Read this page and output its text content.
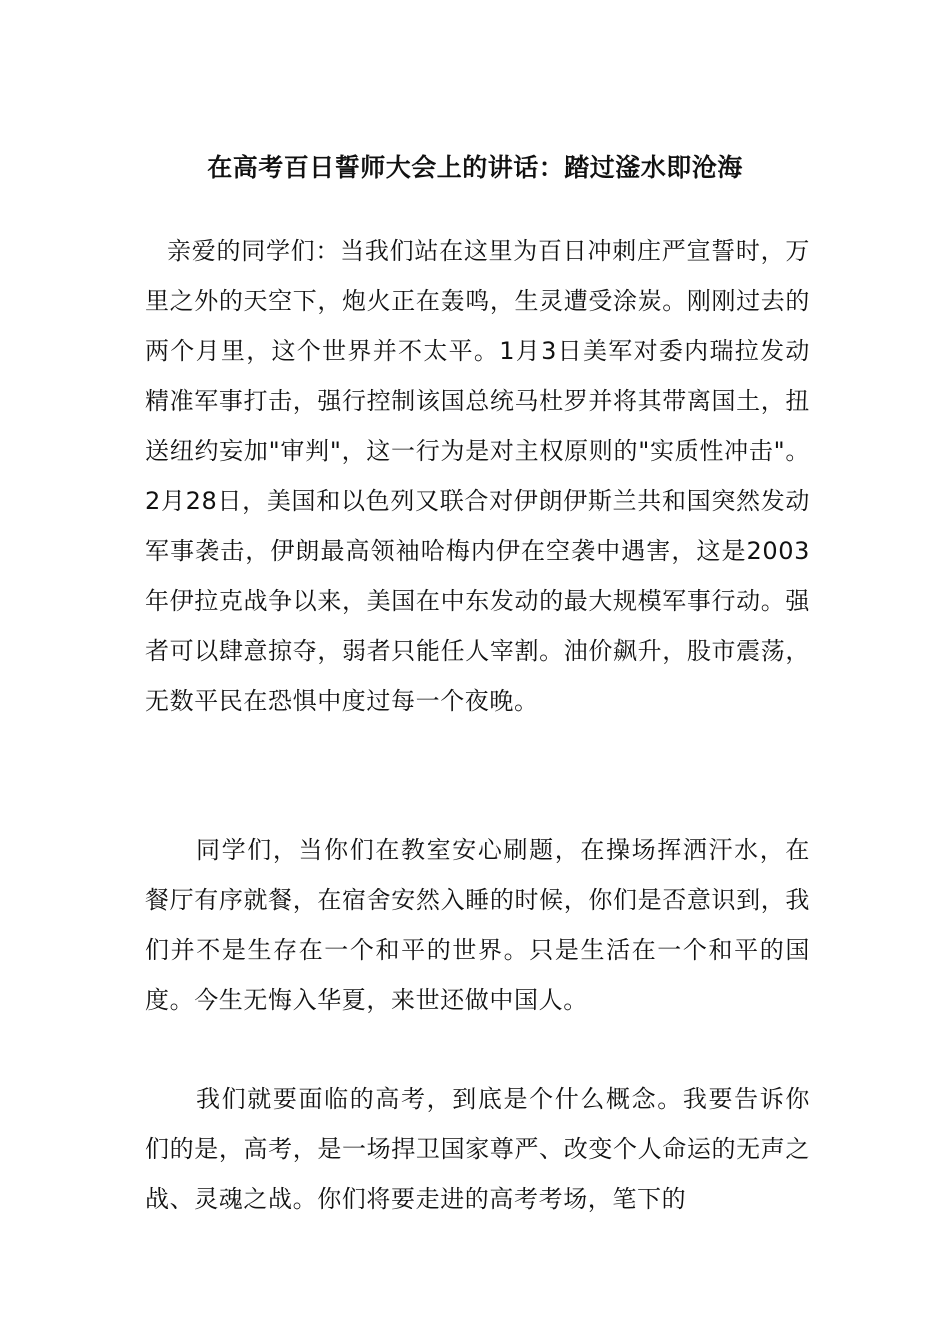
在高考百日誓师大会上的讲话：踏过滏水即沧海

亲爱的同学们：当我们站在这里为百日冲刺庄严宣誓时，万里之外的天空下，炮火正在轰鸣，生灵遭受涂炭。刚刚过去的两个月里，这个世界并不太平。1月3日美军对委内瑞拉发动精准军事打击，强行控制该国总统马杜罗并将其带离国土，扭送纽约妄加"审判"，这一行为是对主权原则的"实质性冲击"。2月28日，美国和以色列又联合对伊朗伊斯兰共和国突然发动军事袭击，伊朗最高领袖哈梅内伊在空袭中遇害，这是2003年伊拉克战争以来，美国在中东发动的最大规模军事行动。强者可以肆意掠夺，弱者只能任人宰割。油价飙升，股市震荡，无数平民在恐惧中度过每一个夜晚。

同学们，当你们在教室安心刷题，在操场挥洒汗水，在餐厅有序就餐，在宿舍安然入睡的时候，你们是否意识到，我们并不是生存在一个和平的世界。只是生活在一个和平的国度。今生无悔入华夏，来世还做中国人。

我们就要面临的高考，到底是个什么概念。我要告诉你们的是，高考，是一场捍卫国家尊严、改变个人命运的无声之战、灵魂之战。你们将要走进的高考考场，笔下的
